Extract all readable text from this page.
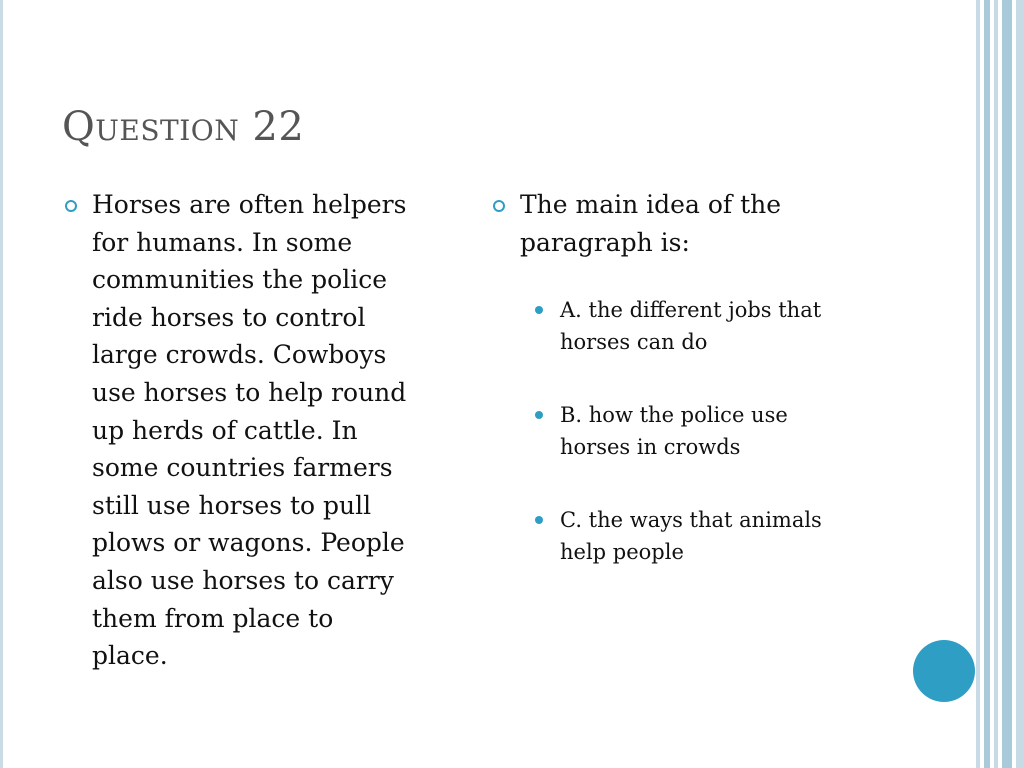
Question 22

Horses are often helpers
for humans. In some
communities the police
ride horses to control
large crowds. Cowboys
use horses to help round
up herds of cattle. In
some countries farmers
still use horses to pull
plows or wagons. People
also use horses to carry
them from place to
place.

The main idea of the
paragraph is:

A. the different jobs that
horses can do

B. how the police use
horses in crowds

C. the ways that animals
help people
